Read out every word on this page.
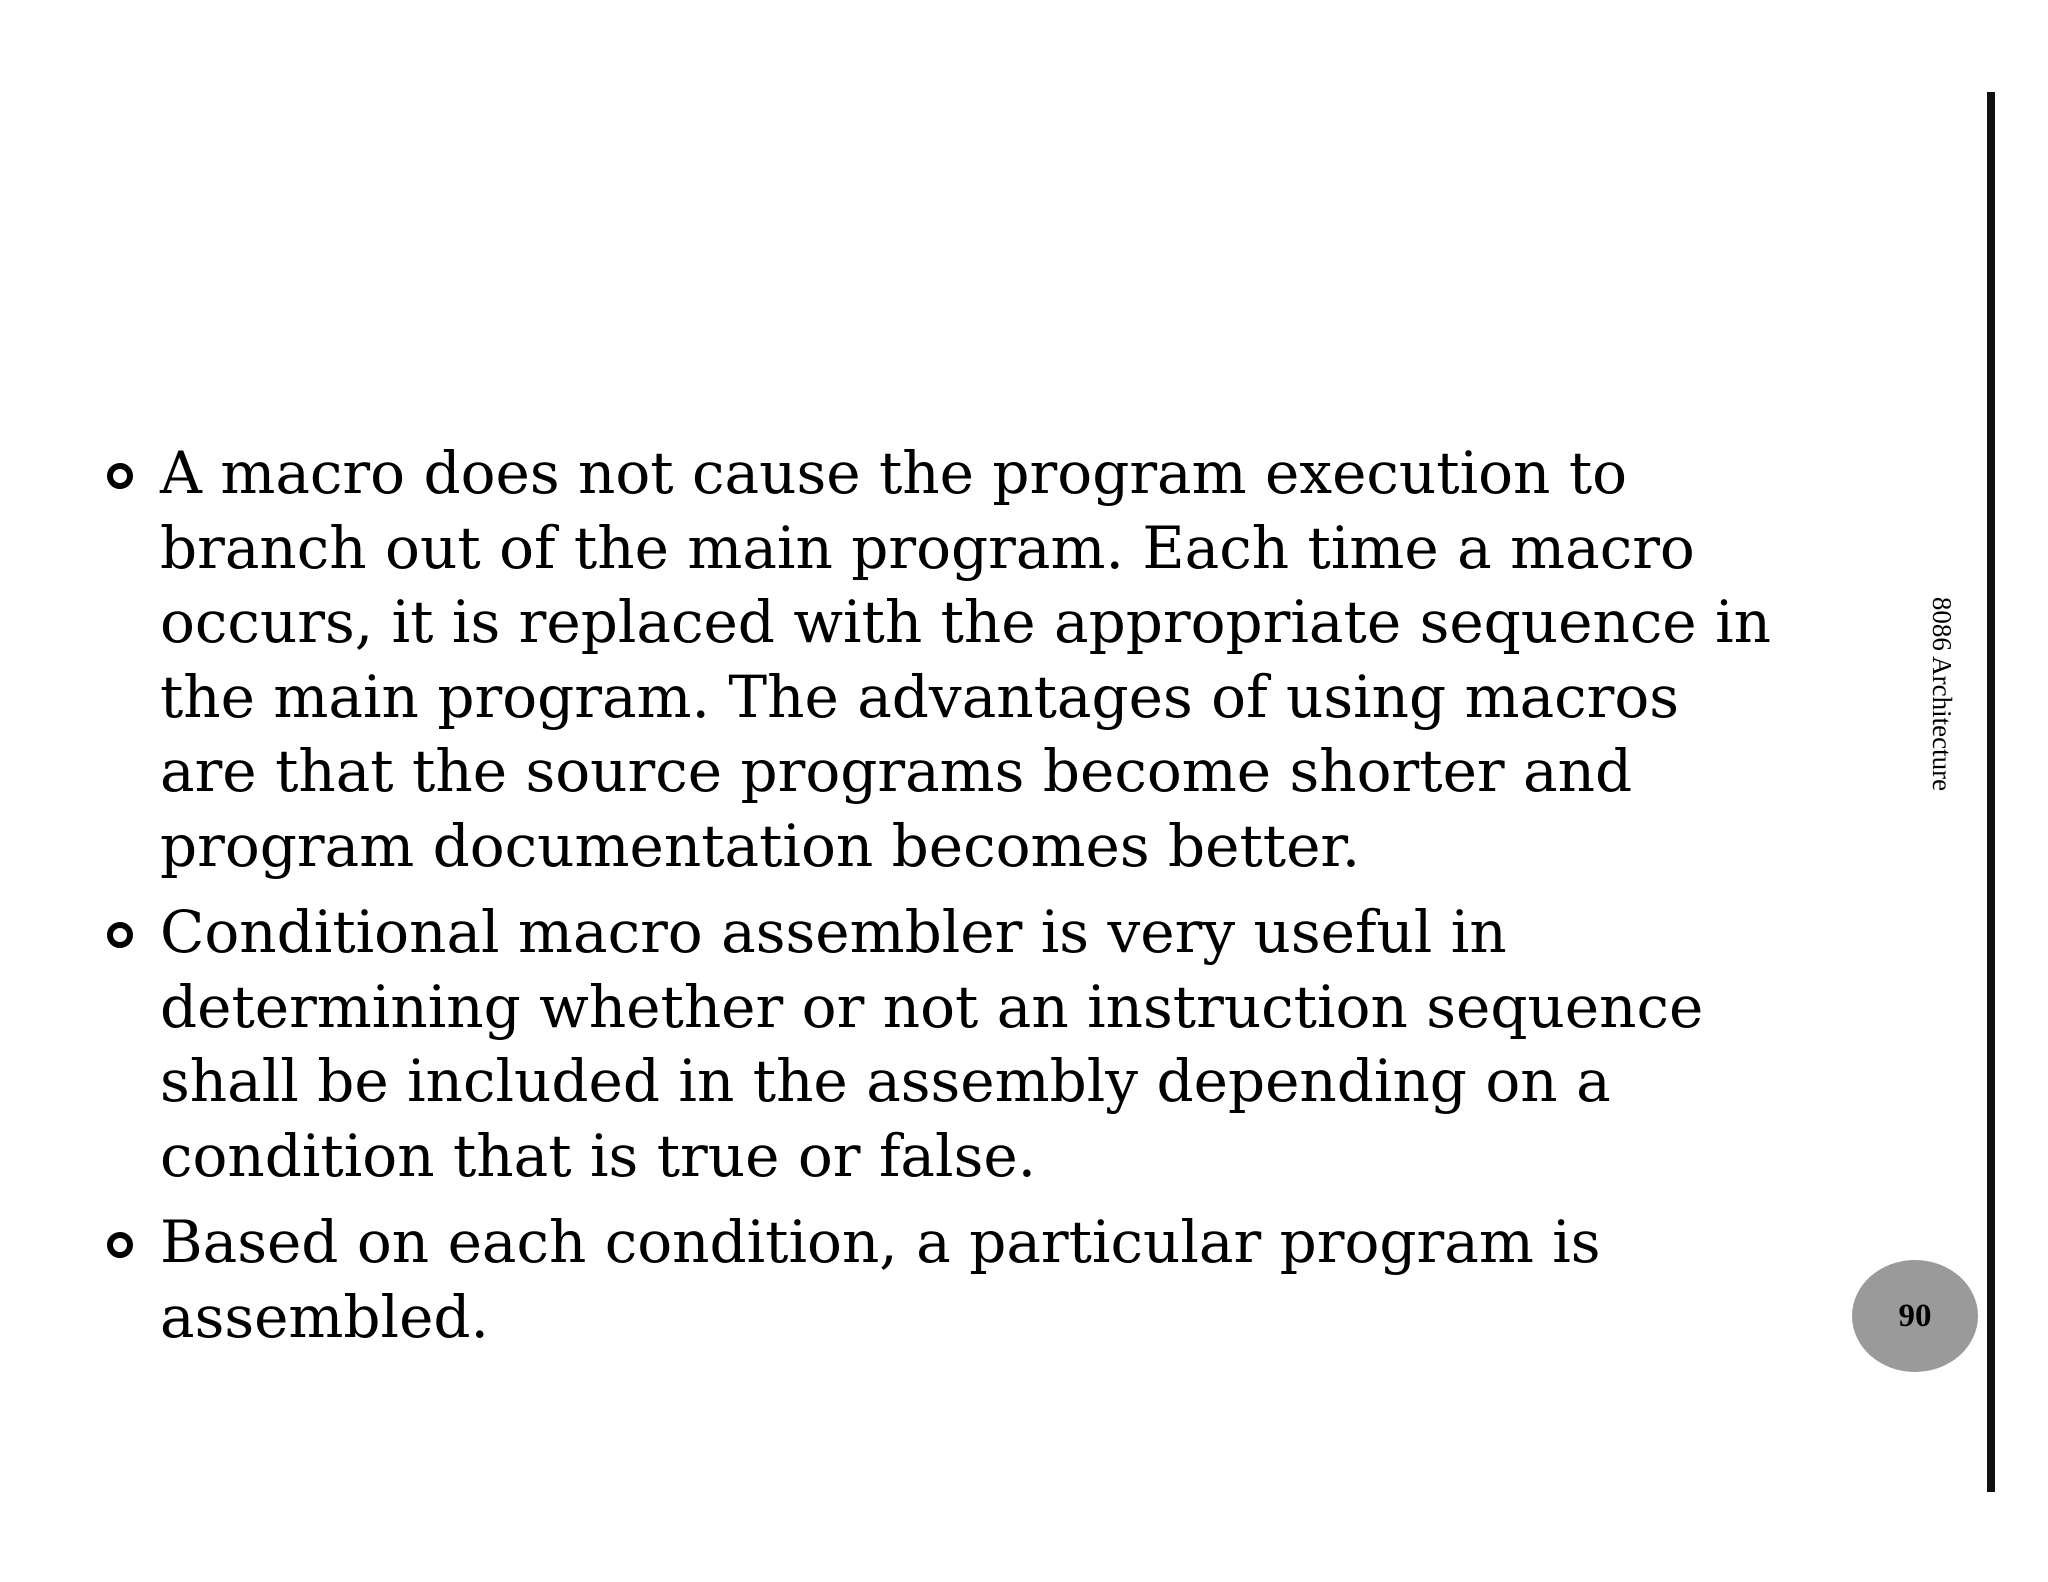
A macro does not cause the program execution to branch out of the main program. Each time a macro occurs, it is replaced with the appropriate sequence in the main program. The advantages of using macros are that the source programs become shorter and program documentation becomes better.
Conditional macro assembler is very useful in determining whether or not an instruction sequence shall be included in the assembly depending on a condition that is true or false.
Based on each condition, a particular program is assembled.
8086 Architecture
90
